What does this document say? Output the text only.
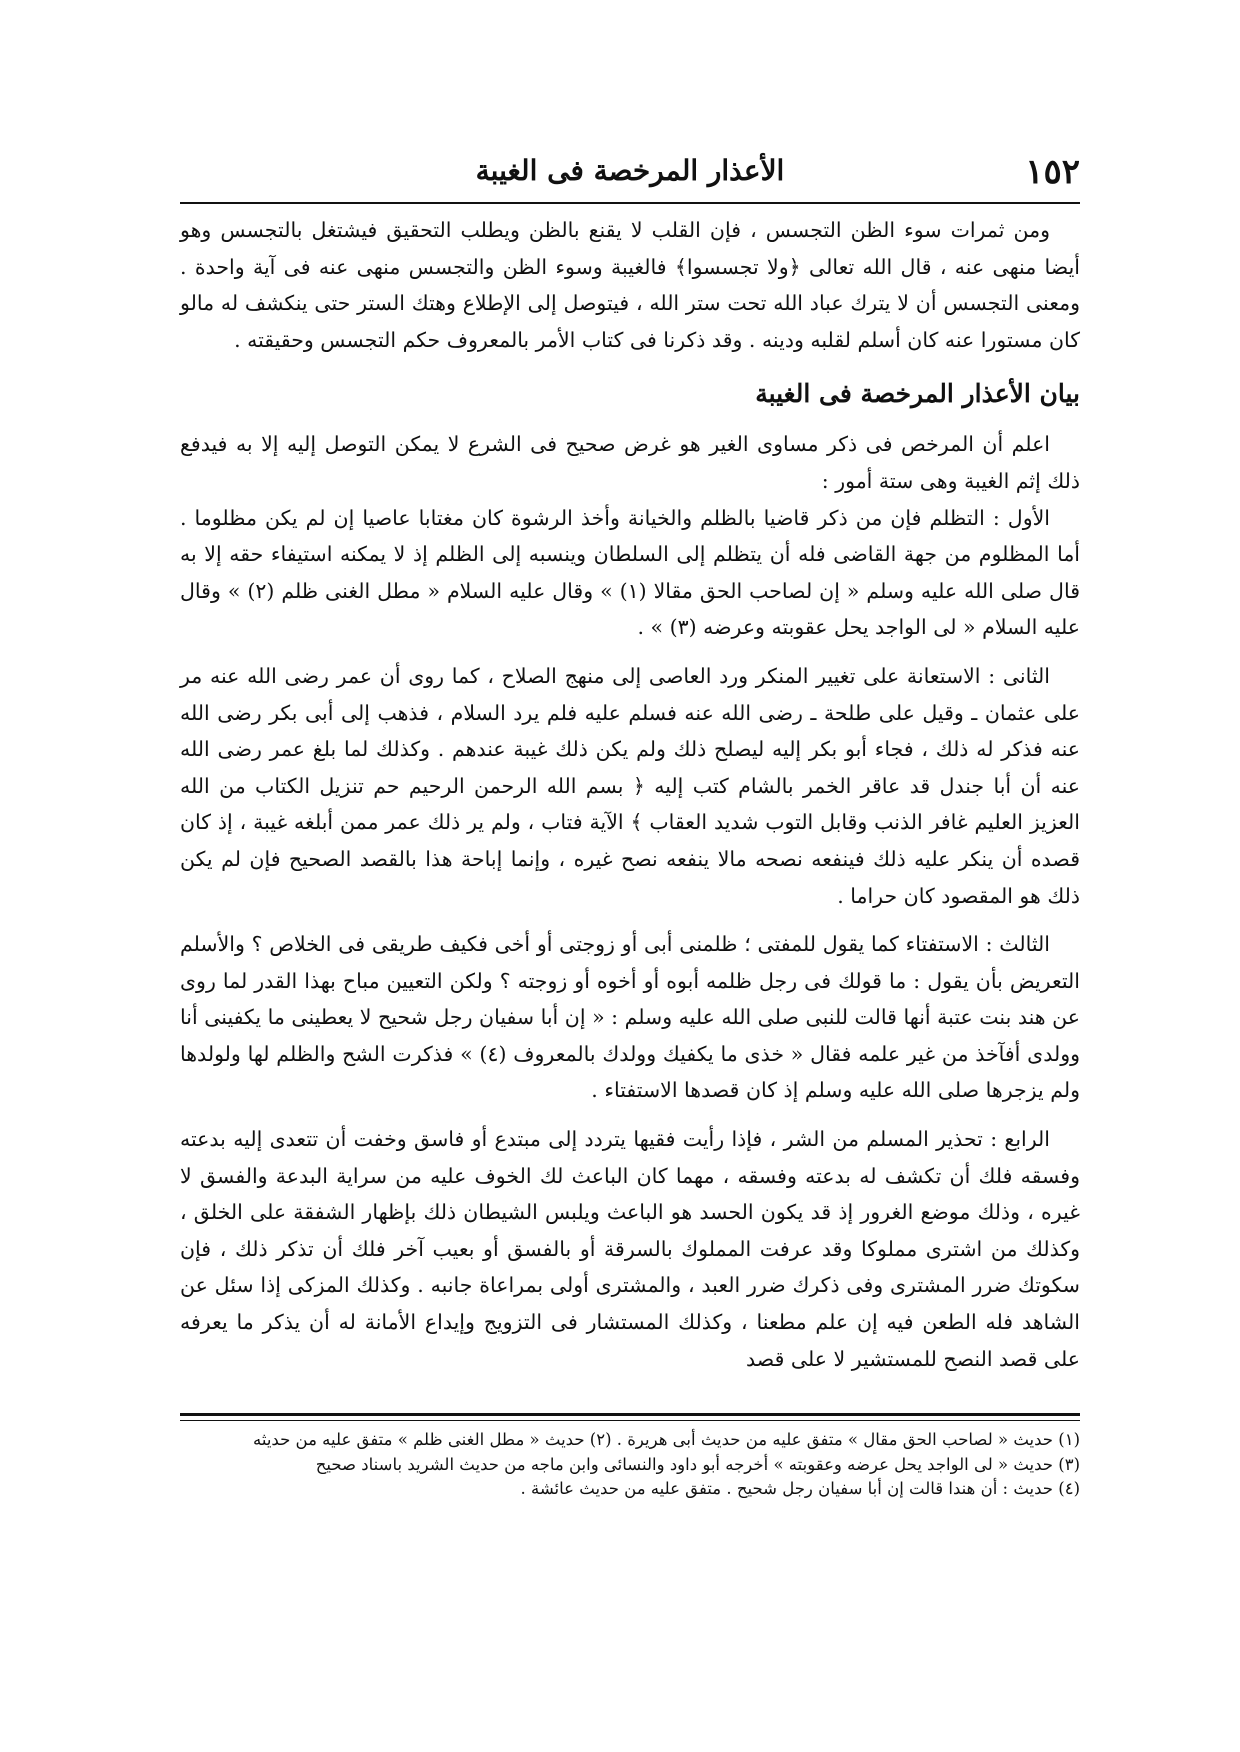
١٥٢
الأعذار المرخصة فى الغيبة

ومن ثمرات سوء الظن التجسس ، فإن القلب لا يقنع بالظن ويطلب التحقيق فيشتغل بالتجسس وهو أيضا منهى عنه ، قال الله تعالى ﴿ولا تجسسوا﴾ فالغيبة وسوء الظن والتجسس منهى عنه فى آية واحدة . ومعنى التجسس أن لا يترك عباد الله تحت ستر الله ، فيتوصل إلى الإطلاع وهتك الستر حتى ينكشف له مالو كان مستورا عنه كان أسلم لقلبه ودينه . وقد ذكرنا فى كتاب الأمر بالمعروف حكم التجسس وحقيقته .

بيان الأعذار المرخصة فى الغيبة

اعلم أن المرخص فى ذكر مساوى الغير هو غرض صحيح فى الشرع لا يمكن التوصل إليه إلا به فيدفع ذلك إثم الغيبة وهى ستة أمور :

الأول : التظلم فإن من ذكر قاضيا بالظلم والخيانة وأخذ الرشوة كان مغتابا عاصيا إن لم يكن مظلوما . أما المظلوم من جهة القاضى فله أن يتظلم إلى السلطان وينسبه إلى الظلم إذ لا يمكنه استيفاء حقه إلا به قال صلى الله عليه وسلم « إن لصاحب الحق مقالا (١) » وقال عليه السلام « مطل الغنى ظلم (٢) » وقال عليه السلام « لى الواجد يحل عقوبته وعرضه (٣) » .

الثانى : الاستعانة على تغيير المنكر ورد العاصى إلى منهج الصلاح ، كما روى أن عمر رضى الله عنه مر على عثمان ـ وقيل على طلحة ـ رضى الله عنه فسلم عليه فلم يرد السلام ، فذهب إلى أبى بكر رضى الله عنه فذكر له ذلك ، فجاء أبو بكر إليه ليصلح ذلك ولم يكن ذلك غيبة عندهم . وكذلك لما بلغ عمر رضى الله عنه أن أبا جندل قد عاقر الخمر بالشام كتب إليه ﴿ بسم الله الرحمن الرحيم حم تنزيل الكتاب من الله العزيز العليم غافر الذنب وقابل التوب شديد العقاب ﴾ الآية فتاب ، ولم ير ذلك عمر ممن أبلغه غيبة ، إذ كان قصده أن ينكر عليه ذلك فينفعه نصحه مالا ينفعه نصح غيره ، وإنما إباحة هذا بالقصد الصحيح فإن لم يكن ذلك هو المقصود كان حراما .

الثالث : الاستفتاء كما يقول للمفتى ؛ ظلمنى أبى أو زوجتى أو أخى فكيف طريقى فى الخلاص ؟ والأسلم التعريض بأن يقول : ما قولك فى رجل ظلمه أبوه أو أخوه أو زوجته ؟ ولكن التعيين مباح بهذا القدر لما روى عن هند بنت عتبة أنها قالت للنبى صلى الله عليه وسلم : « إن أبا سفيان رجل شحيح لا يعطينى ما يكفينى أنا وولدى أفآخذ من غير علمه فقال « خذى ما يكفيك وولدك بالمعروف (٤) » فذكرت الشح والظلم لها ولولدها ولم يزجرها صلى الله عليه وسلم إذ كان قصدها الاستفتاء .

الرابع : تحذير المسلم من الشر ، فإذا رأيت فقيها يتردد إلى مبتدع أو فاسق وخفت أن تتعدى إليه بدعته وفسقه فلك أن تكشف له بدعته وفسقه ، مهما كان الباعث لك الخوف عليه من سراية البدعة والفسق لا غيره ، وذلك موضع الغرور إذ قد يكون الحسد هو الباعث ويلبس الشيطان ذلك بإظهار الشفقة على الخلق ، وكذلك من اشترى مملوكا وقد عرفت المملوك بالسرقة أو بالفسق أو بعيب آخر فلك أن تذكر ذلك ، فإن سكوتك ضرر المشترى وفى ذكرك ضرر العبد ، والمشترى أولى بمراعاة جانبه . وكذلك المزكى إذا سئل عن الشاهد فله الطعن فيه إن علم مطعنا ، وكذلك المستشار فى التزويج وإيداع الأمانة له أن يذكر ما يعرفه على قصد النصح للمستشير لا على قصد

(١) حديث « لصاحب الحق مقال » متفق عليه من حديث أبى هريرة . (٢) حديث « مطل الغنى ظلم » متفق عليه من حديثه

(٣) حديث « لى الواجد يحل عرضه وعقوبته » أخرجه أبو داود والنسائى وابن ماجه من حديث الشريد باسناد صحيح

(٤) حديث : أن هندا قالت إن أبا سفيان رجل شحيح . متفق عليه من حديث عائشة .
